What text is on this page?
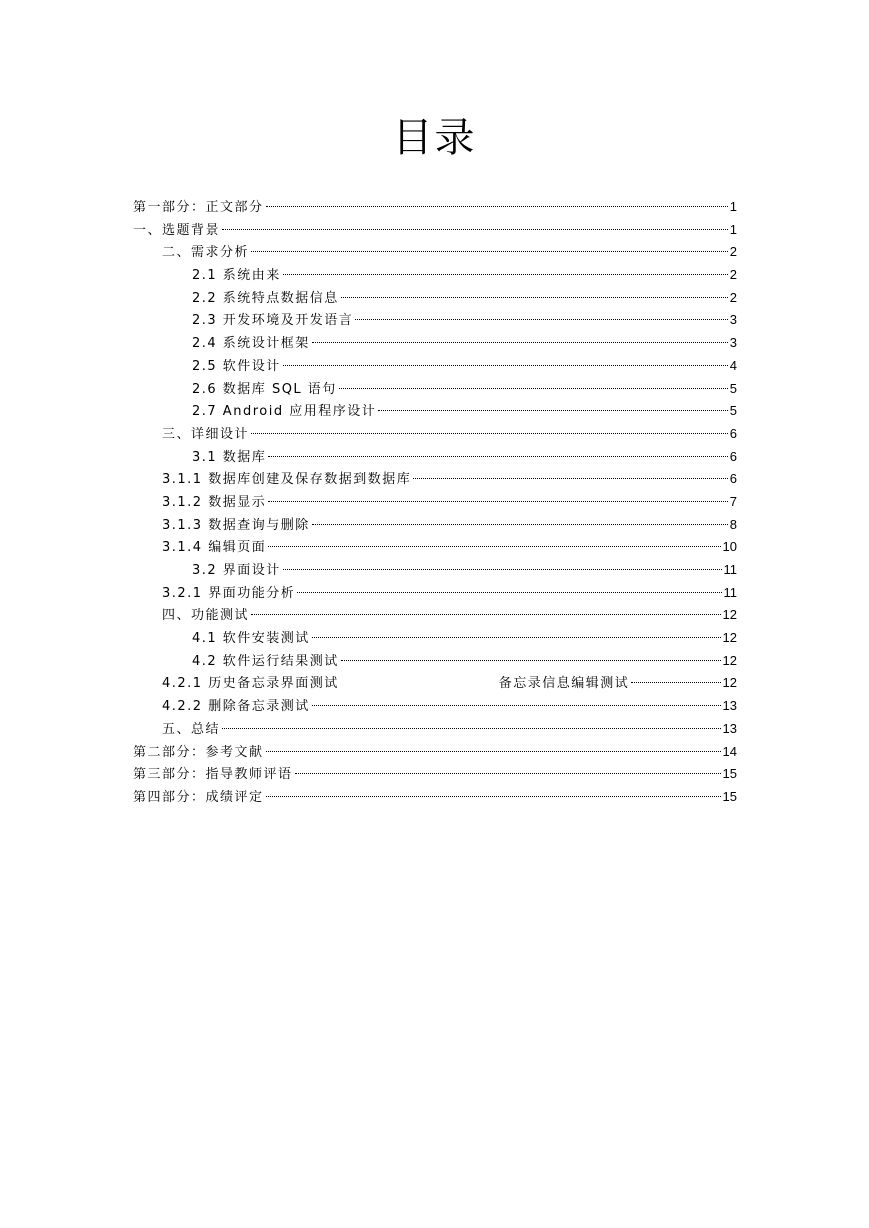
目录
第一部分：正文部分	1
一、选题背景	1
二、需求分析	2
2.1 系统由来	2
2.2 系统特点数据信息	2
2.3 开发环境及开发语言	3
2.4 系统设计框架	3
2.5 软件设计	4
2.6 数据库 SQL 语句	5
2.7 Android 应用程序设计	5
三、详细设计	6
3.1 数据库	6
3.1.1 数据库创建及保存数据到数据库	6
3.1.2 数据显示	7
3.1.3 数据查询与删除	8
3.1.4 编辑页面	10
3.2 界面设计	11
3.2.1 界面功能分析	11
四、功能测试	12
4.1 软件安装测试	12
4.2 软件运行结果测试	12
4.2.1 历史备忘录界面测试	备忘录信息编辑测试	12
4.2.2 删除备忘录测试	13
五、总结	13
第二部分：参考文献	14
第三部分：指导教师评语	15
第四部分：成绩评定	15
